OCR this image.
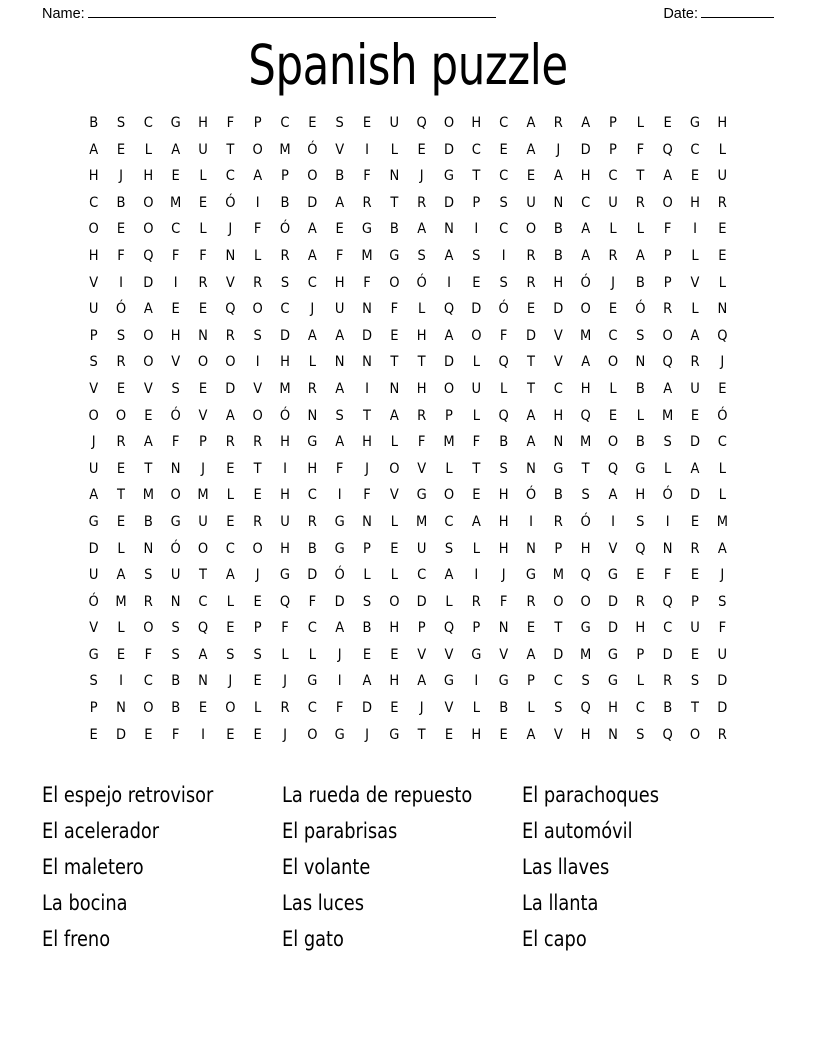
Name:	Date:
Spanish puzzle
B	S	C	G	H	F	P	C	E	S	E	U	Q	O	H	C	A	R	A	P	L	E	G	H
A	E	L	A	U	T	O	M	Ó	V	I	L	E	D	C	E	A	J	D	P	F	Q	C	L
H	J	H	E	L	C	A	P	O	B	F	N	J	G	T	C	E	A	H	C	T	A	E	U
C	B	O	M	E	Ó	I	B	D	A	R	T	R	D	P	S	U	N	C	U	R	O	H	R
O	E	O	C	L	J	F	Ó	A	E	G	B	A	N	I	C	O	B	A	L	L	F	I	E
H	F	Q	F	F	N	L	R	A	F	M	G	S	A	S	I	R	B	A	R	A	P	L	E
V	I	D	I	R	V	R	S	C	H	F	O	Ó	I	E	S	R	H	Ó	J	B	P	V	L
U	Ó	A	E	E	Q	O	C	J	U	N	F	L	Q	D	Ó	E	D	O	E	Ó	R	L	N
P	S	O	H	N	R	S	D	A	A	D	E	H	A	O	F	D	V	M	C	S	O	A	Q
S	R	O	V	O	O	I	H	L	N	N	T	T	D	L	Q	T	V	A	O	N	Q	R	J
V	E	V	S	E	D	V	M	R	A	I	N	H	O	U	L	T	C	H	L	B	A	U	E
O	O	E	Ó	V	A	O	Ó	N	S	T	A	R	P	L	Q	A	H	Q	E	L	M	E	Ó
J	R	A	F	P	R	R	H	G	A	H	L	F	M	F	B	A	N	M	O	B	S	D	C
U	E	T	N	J	E	T	I	H	F	J	O	V	L	T	S	N	G	T	Q	G	L	A	L
A	T	M	O	M	L	E	H	C	I	F	V	G	O	E	H	Ó	B	S	A	H	Ó	D	L
G	E	B	G	U	E	R	U	R	G	N	L	M	C	A	H	I	R	Ó	I	S	I	E	M
D	L	N	Ó	O	C	O	H	B	G	P	E	U	S	L	H	N	P	H	V	Q	N	R	A
U	A	S	U	T	A	J	G	D	Ó	L	L	C	A	I	J	G	M	Q	G	E	F	E	J
Ó	M	R	N	C	L	E	Q	F	D	S	O	D	L	R	F	R	O	O	D	R	Q	P	S
V	L	O	S	Q	E	P	F	C	A	B	H	P	Q	P	N	E	T	G	D	H	C	U	F
G	E	F	S	A	S	S	L	L	J	E	E	V	V	G	V	A	D	M	G	P	D	E	U
S	I	C	B	N	J	E	J	G	I	A	H	A	G	I	G	P	C	S	G	L	R	S	D
P	N	O	B	E	O	L	R	C	F	D	E	J	V	L	B	L	S	Q	H	C	B	T	D
E	D	E	F	I	E	E	J	O	G	J	G	T	E	H	E	A	V	H	N	S	Q	O	R
El espejo retrovisor	La rueda de repuesto	El parachoques
El acelerador	El parabrisas	El automóvil
El maletero	El volante	Las llaves
La bocina	Las luces	La llanta
El freno	El gato	El capo
